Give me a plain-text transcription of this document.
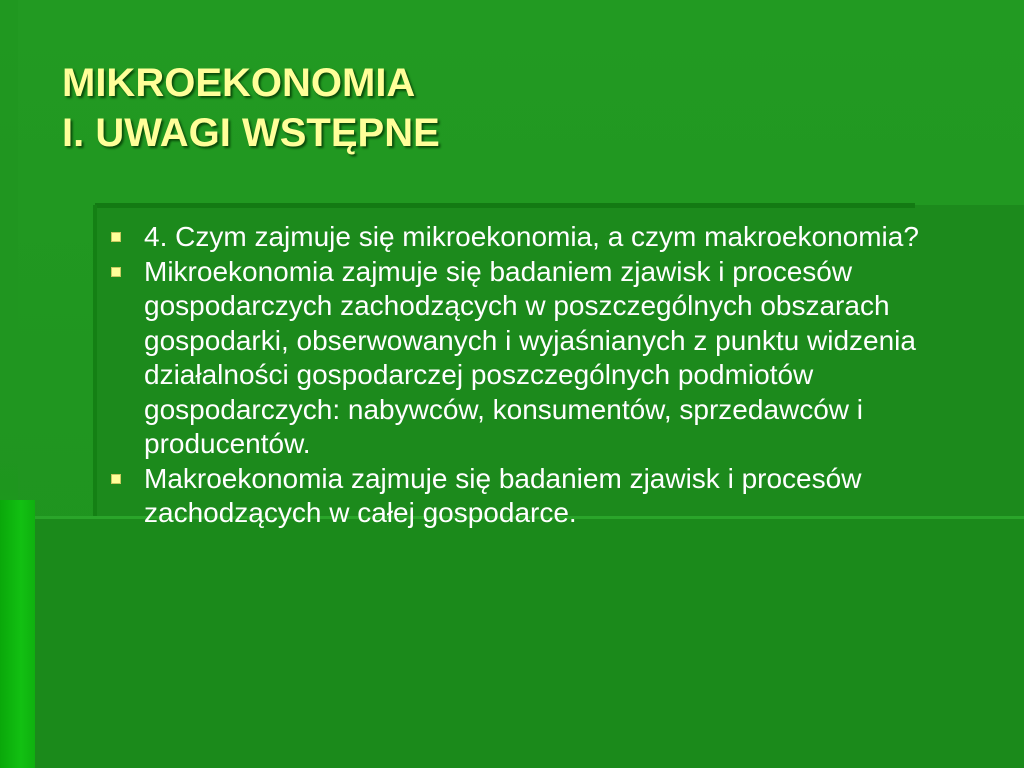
MIKROEKONOMIA
I. UWAGI WSTĘPNE
4. Czym zajmuje się mikroekonomia, a czym makroekonomia?
Mikroekonomia zajmuje się badaniem zjawisk i procesów gospodarczych zachodzących w poszczególnych obszarach gospodarki, obserwowanych i wyjaśnianych z punktu widzenia działalności gospodarczej poszczególnych podmiotów gospodarczych: nabywców, konsumentów, sprzedawców i producentów.
Makroekonomia zajmuje się badaniem zjawisk i procesów zachodzących w całej gospodarce.
